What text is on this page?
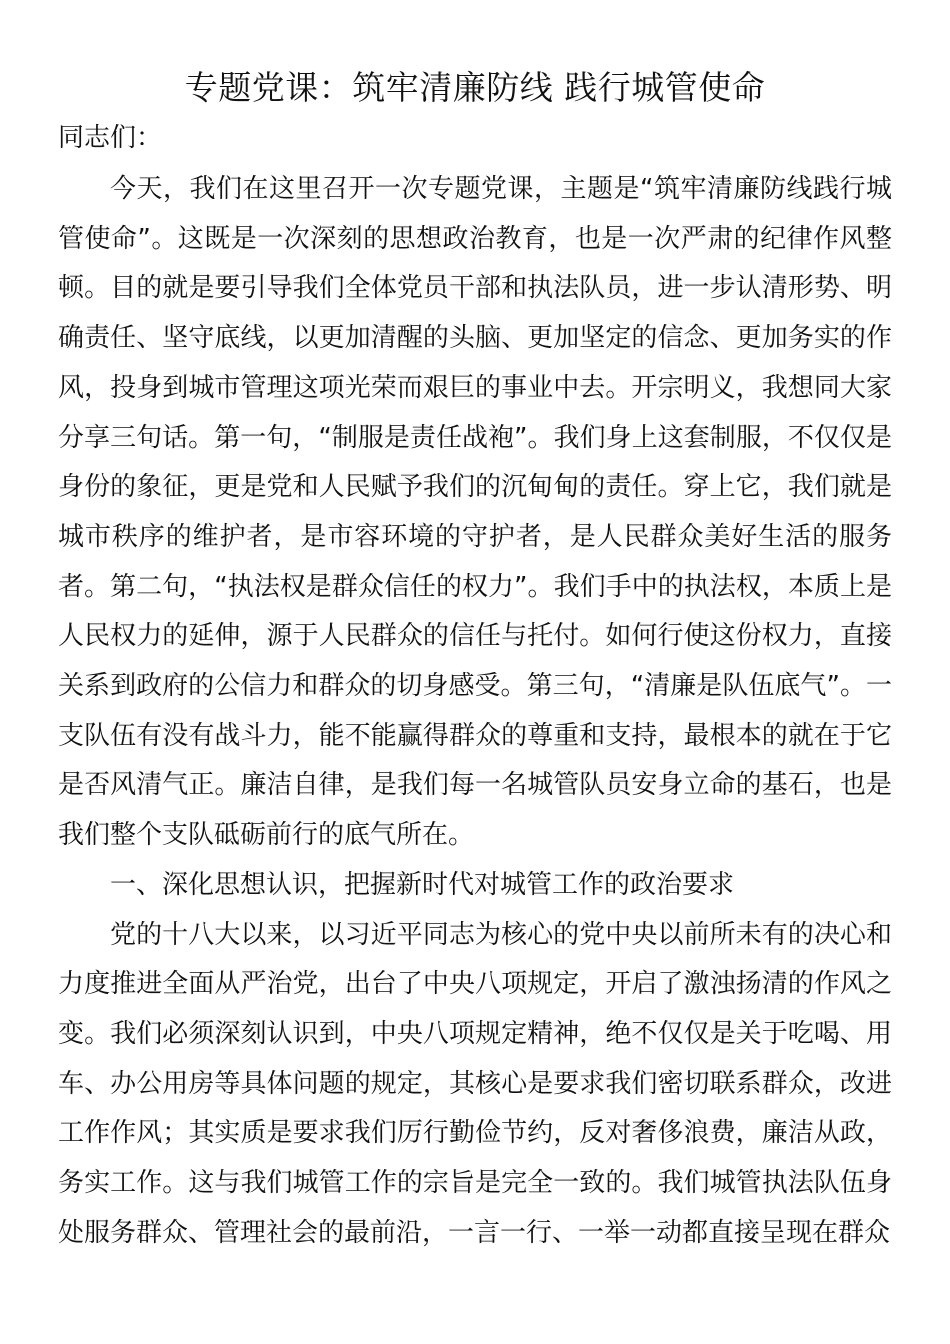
专题党课：筑牢清廉防线 践行城管使命

同志们：

今天，我们在这里召开一次专题党课，主题是“筑牢清廉防线践行城管使命”。这既是一次深刻的思想政治教育，也是一次严肃的纪律作风整顿。目的就是要引导我们全体党员干部和执法队员，进一步认清形势、明确责任、坚守底线，以更加清醒的头脑、更加坚定的信念、更加务实的作风，投身到城市管理这项光荣而艰巨的事业中去。开宗明义，我想同大家分享三句话。第一句，“制服是责任战袍”。我们身上这套制服，不仅仅是身份的象征，更是党和人民赋予我们的沉甸甸的责任。穿上它，我们就是城市秩序的维护者，是市容环境的守护者，是人民群众美好生活的服务者。第二句，“执法权是群众信任的权力”。我们手中的执法权，本质上是人民权力的延伸，源于人民群众的信任与托付。如何行使这份权力，直接关系到政府的公信力和群众的切身感受。第三句，“清廉是队伍底气”。一支队伍有没有战斗力，能不能赢得群众的尊重和支持，最根本的就在于它是否风清气正。廉洁自律，是我们每一名城管队员安身立命的基石，也是我们整个支队砥砺前行的底气所在。

一、深化思想认识，把握新时代对城管工作的政治要求

党的十八大以来，以习近平同志为核心的党中央以前所未有的决心和力度推进全面从严治党，出台了中央八项规定，开启了激浊扬清的作风之变。我们必须深刻认识到，中央八项规定精神，绝不仅仅是关于吃喝、用车、办公用房等具体问题的规定，其核心是要求我们密切联系群众，改进工作作风；其实质是要求我们厉行勤俭节约，反对奢侈浪费，廉洁从政，务实工作。这与我们城管工作的宗旨是完全一致的。我们城管执法队伍身处服务群众、管理社会的最前沿，一言一行、一举一动都直接呈现在群众
